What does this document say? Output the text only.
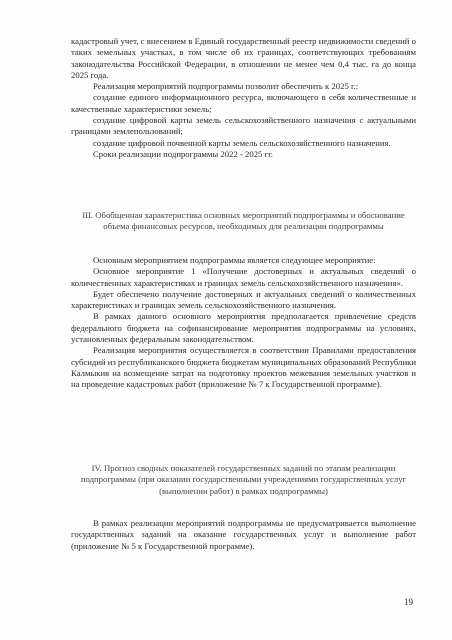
кадастровый учет, с внесением в Единый государственный реестр недвижимости сведений о таких земельных участках, в том числе об их границах, соответствующих требованиям законодательства Российской Федерации, в отношении не менее чем 0,4 тыс. га до конца 2025 года.

Реализация мероприятий подпрограммы позволит обеспечить к 2025 г.:

создание единого информационного ресурса, включающего в себя количественные и качественные характеристики земель;

создание цифровой карты земель сельскохозяйственного назначения с актуальными границами землепользований;

создание цифровой почвенной карты земель сельскохозяйственного назначения.

Сроки реализации подпрограммы 2022 - 2025 гг.

III. Обобщенная характеристика основных мероприятий подпрограммы и обоснование объема финансовых ресурсов, необходимых для реализации подпрограммы

Основным мероприятием подпрограммы является следующее мероприятие:

Основное мероприятие 1 «Получение достоверных и актуальных сведений о количественных характеристиках и границах земель сельскохозяйственного назначения».

Будет обеспечено получение достоверных и актуальных сведений о количественных характеристиках и границах земель сельскохозяйственного назначения.

В рамках данного основного мероприятия предполагается привлечение средств федерального бюджета на софинансирование мероприятия подпрограммы на условиях, установленных федеральным законодательством.

Реализация мероприятия осуществляется в соответствии Правилами предоставления субсидий из республиканского бюджета бюджетам муниципальных образований Республики Калмыкия на возмещение затрат на подготовку проектов межевания земельных участков и на проведение кадастровых работ (приложение № 7 к Государственной программе).

IV. Прогноз сводных показателей государственных заданий по этапам реализации подпрограммы (при оказании государственными учреждениями государственных услуг (выполнении работ) в рамках подпрограммы)

В рамках реализации мероприятий подпрограммы не предусматривается выполнение государственных заданий на оказание государственных услуг и выполнение работ (приложение № 5 к Государственной программе).

19
